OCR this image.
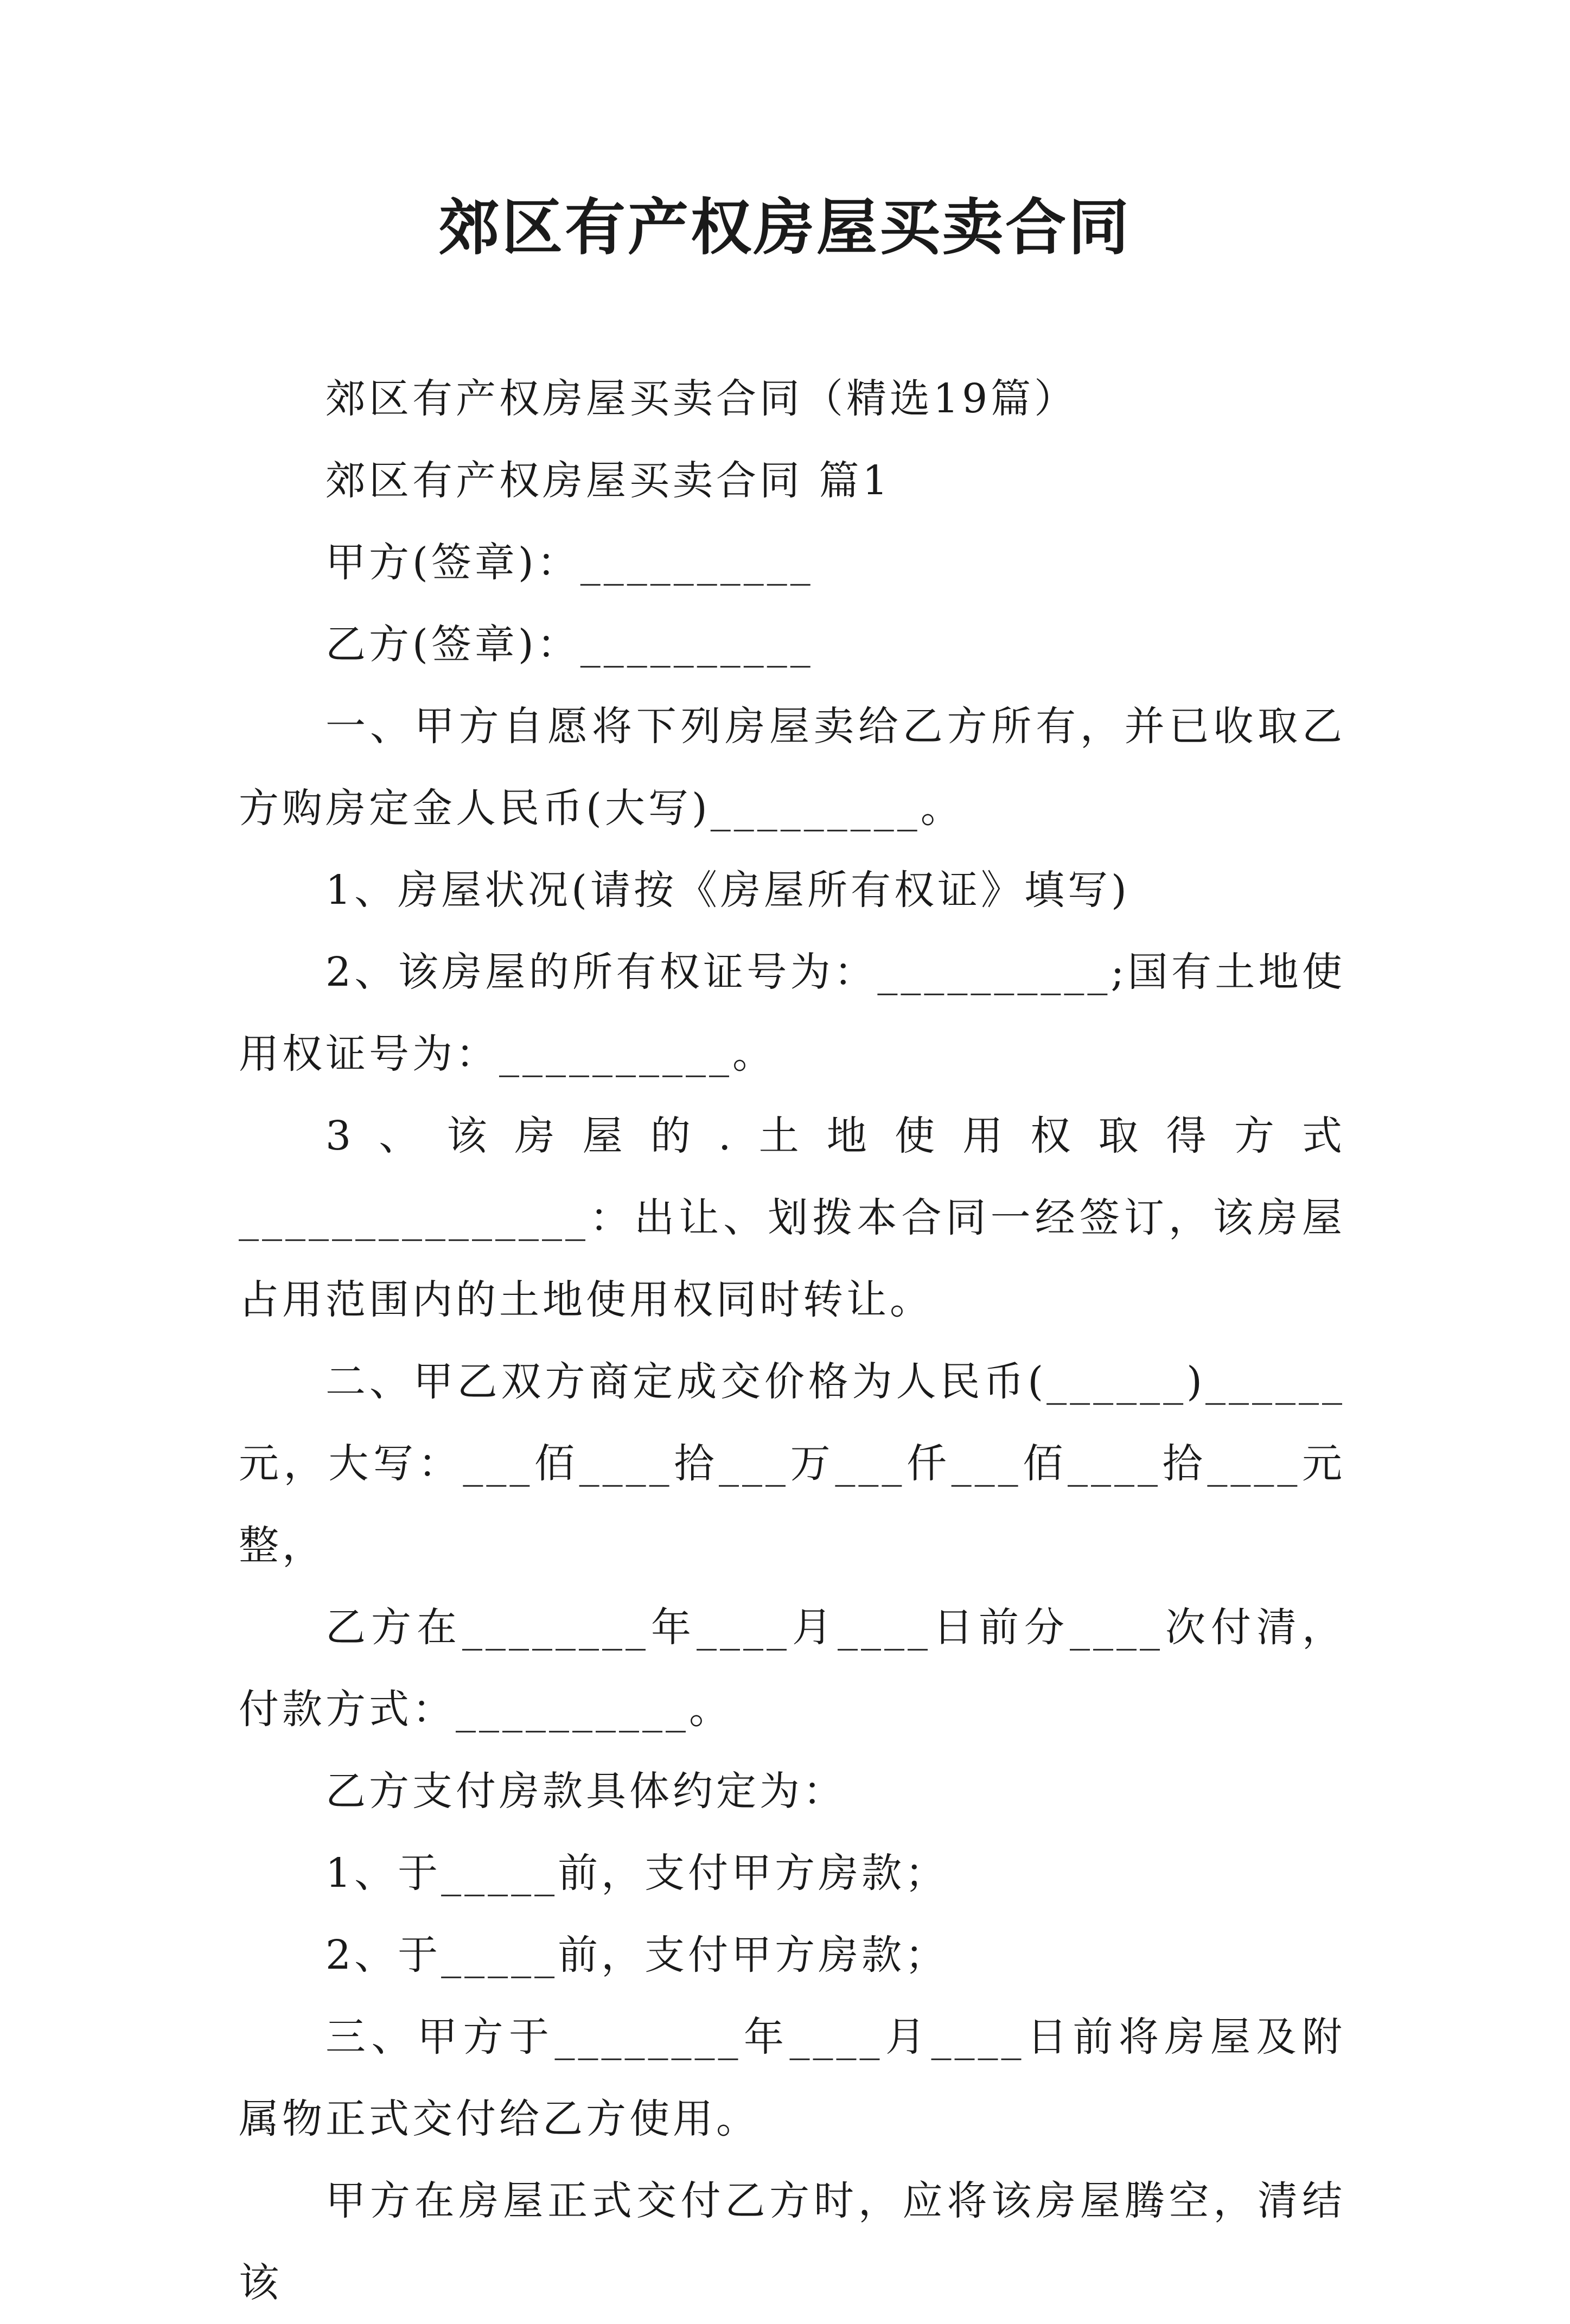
郊区有产权房屋买卖合同

郊区有产权房屋买卖合同（精选19篇）

郊区有产权房屋买卖合同 篇1

甲方(签章)：__________

乙方(签章)：__________

一、甲方自愿将下列房屋卖给乙方所有，并已收取乙方购房定金人民币(大写)_________。

1、房屋状况(请按《房屋所有权证》填写)

2、该房屋的所有权证号为：__________;国有土地使用权证号为：__________。

3、该房屋的.土地使用权取得方式_______________：出让、划拨本合同一经签订，该房屋占用范围内的土地使用权同时转让。

二、甲乙双方商定成交价格为人民币(______)______元，大写：___佰____拾___万___仟___佰____拾____元整，

乙方在________年____月____日前分____次付清，付款方式：__________。

乙方支付房款具体约定为：

1、于_____前，支付甲方房款；

2、于_____前，支付甲方房款；

三、甲方于________年____月____日前将房屋及附属物正式交付给乙方使用。

甲方在房屋正式交付乙方时，应将该房屋腾空，清结该
